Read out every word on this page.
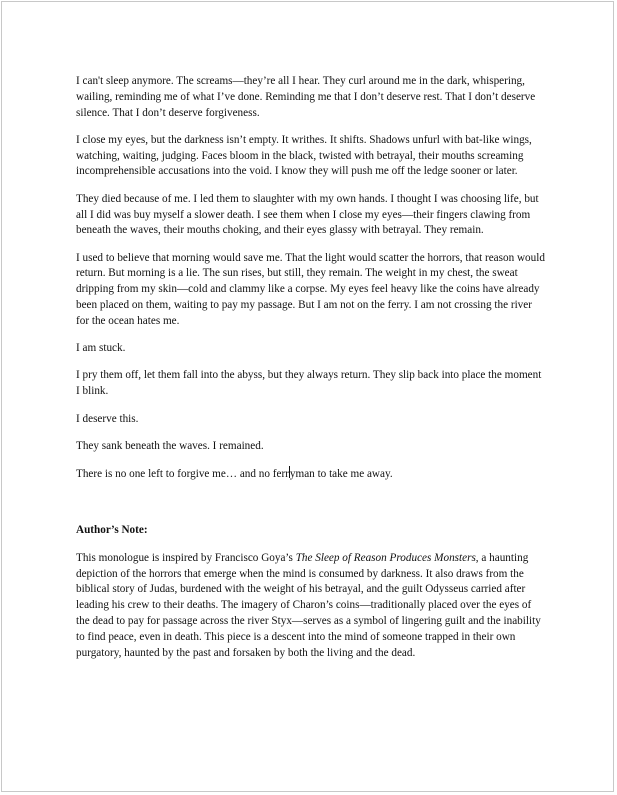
I can't sleep anymore. The screams—they’re all I hear. They curl around me in the dark, whispering, wailing, reminding me of what I’ve done. Reminding me that I don’t deserve rest. That I don’t deserve silence. That I don’t deserve forgiveness.

I close my eyes, but the darkness isn’t empty. It writhes. It shifts. Shadows unfurl with bat-like wings, watching, waiting, judging. Faces bloom in the black, twisted with betrayal, their mouths screaming incomprehensible accusations into the void. I know they will push me off the ledge sooner or later.

They died because of me. I led them to slaughter with my own hands. I thought I was choosing life, but all I did was buy myself a slower death. I see them when I close my eyes—their fingers clawing from beneath the waves, their mouths choking, and their eyes glassy with betrayal. They remain.

I used to believe that morning would save me. That the light would scatter the horrors, that reason would return. But morning is a lie. The sun rises, but still, they remain. The weight in my chest, the sweat dripping from my skin—cold and clammy like a corpse. My eyes feel heavy like the coins have already been placed on them, waiting to pay my passage. But I am not on the ferry. I am not crossing the river for the ocean hates me.

I am stuck.

I pry them off, let them fall into the abyss, but they always return. They slip back into place the moment I blink.

I deserve this.

They sank beneath the waves. I remained.

There is no one left to forgive me… and no ferryman to take me away.

Author’s Note:

This monologue is inspired by Francisco Goya’s The Sleep of Reason Produces Monsters, a haunting depiction of the horrors that emerge when the mind is consumed by darkness. It also draws from the biblical story of Judas, burdened with the weight of his betrayal, and the guilt Odysseus carried after leading his crew to their deaths. The imagery of Charon’s coins—traditionally placed over the eyes of the dead to pay for passage across the river Styx—serves as a symbol of lingering guilt and the inability to find peace, even in death. This piece is a descent into the mind of someone trapped in their own purgatory, haunted by the past and forsaken by both the living and the dead.
